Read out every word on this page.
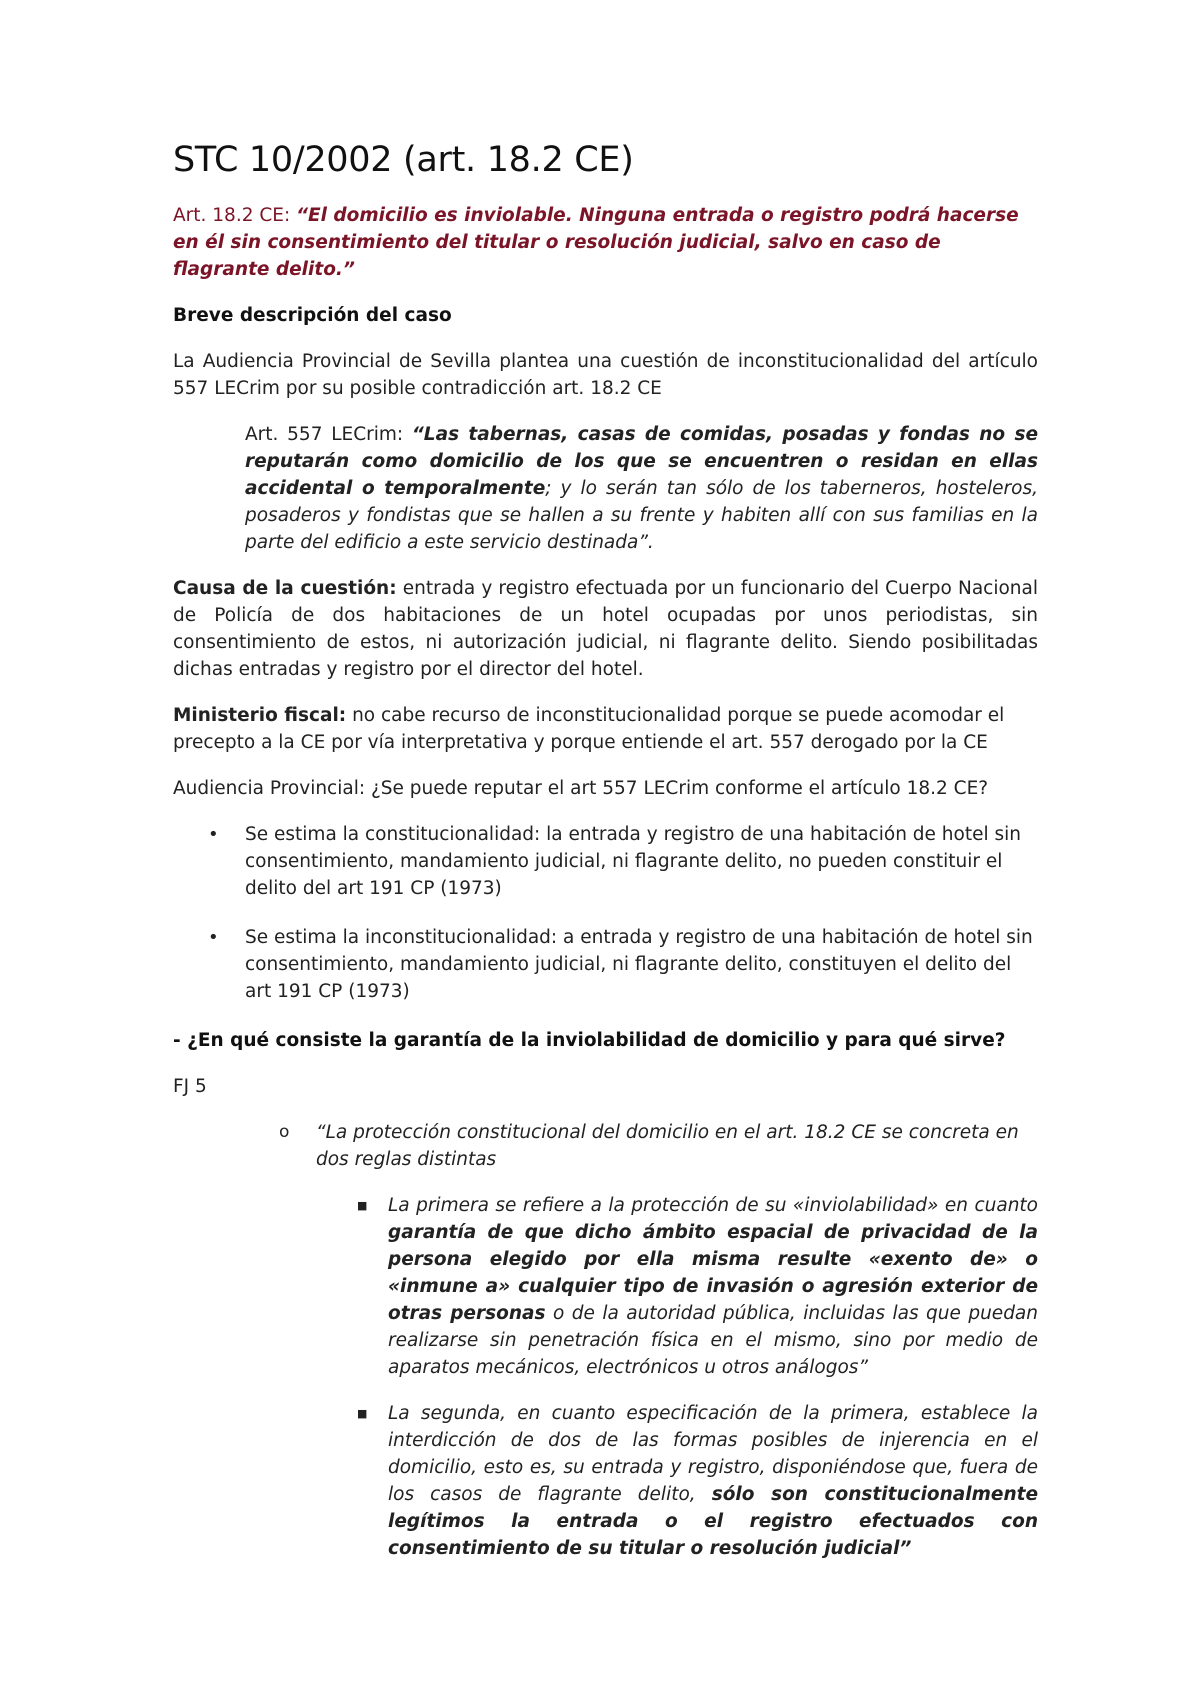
STC 10/2002 (art. 18.2 CE)

Art. 18.2 CE: “El domicilio es inviolable. Ninguna entrada o registro podrá hacerse en él sin consentimiento del titular o resolución judicial, salvo en caso de flagrante delito.”

Breve descripción del caso

La Audiencia Provincial de Sevilla plantea una cuestión de inconstitucionalidad del artículo 557 LECrim por su posible contradicción art. 18.2 CE

Art. 557 LECrim: “Las tabernas, casas de comidas, posadas y fondas no se reputarán como domicilio de los que se encuentren o residan en ellas accidental o temporalmente; y lo serán tan sólo de los taberneros, hosteleros, posaderos y fondistas que se hallen a su frente y habiten allí con sus familias en la parte del edificio a este servicio destinada”.

Causa de la cuestión: entrada y registro efectuada por un funcionario del Cuerpo Nacional de Policía de dos habitaciones de un hotel ocupadas por unos periodistas, sin consentimiento de estos, ni autorización judicial, ni flagrante delito. Siendo posibilitadas dichas entradas y registro por el director del hotel.

Ministerio fiscal: no cabe recurso de inconstitucionalidad porque se puede acomodar el precepto a la CE por vía interpretativa y porque entiende el art. 557 derogado por la CE

Audiencia Provincial: ¿Se puede reputar el art 557 LECrim conforme el artículo 18.2 CE?

• Se estima la constitucionalidad: la entrada y registro de una habitación de hotel sin consentimiento, mandamiento judicial, ni flagrante delito, no pueden constituir el delito del art 191 CP (1973)
• Se estima la inconstitucionalidad: a entrada y registro de una habitación de hotel sin consentimiento, mandamiento judicial, ni flagrante delito, constituyen el delito del art 191 CP (1973)

- ¿En qué consiste la garantía de la inviolabilidad de domicilio y para qué sirve?

FJ 5

o “La protección constitucional del domicilio en el art. 18.2 CE se concreta en dos reglas distintas
■ La primera se refiere a la protección de su «inviolabilidad» en cuanto garantía de que dicho ámbito espacial de privacidad de la persona elegido por ella misma resulte «exento de» o «inmune a» cualquier tipo de invasión o agresión exterior de otras personas o de la autoridad pública, incluidas las que puedan realizarse sin penetración física en el mismo, sino por medio de aparatos mecánicos, electrónicos u otros análogos”
■ La segunda, en cuanto especificación de la primera, establece la interdicción de dos de las formas posibles de injerencia en el domicilio, esto es, su entrada y registro, disponiéndose que, fuera de los casos de flagrante delito, sólo son constitucionalmente legítimos la entrada o el registro efectuados con consentimiento de su titular o resolución judicial”
